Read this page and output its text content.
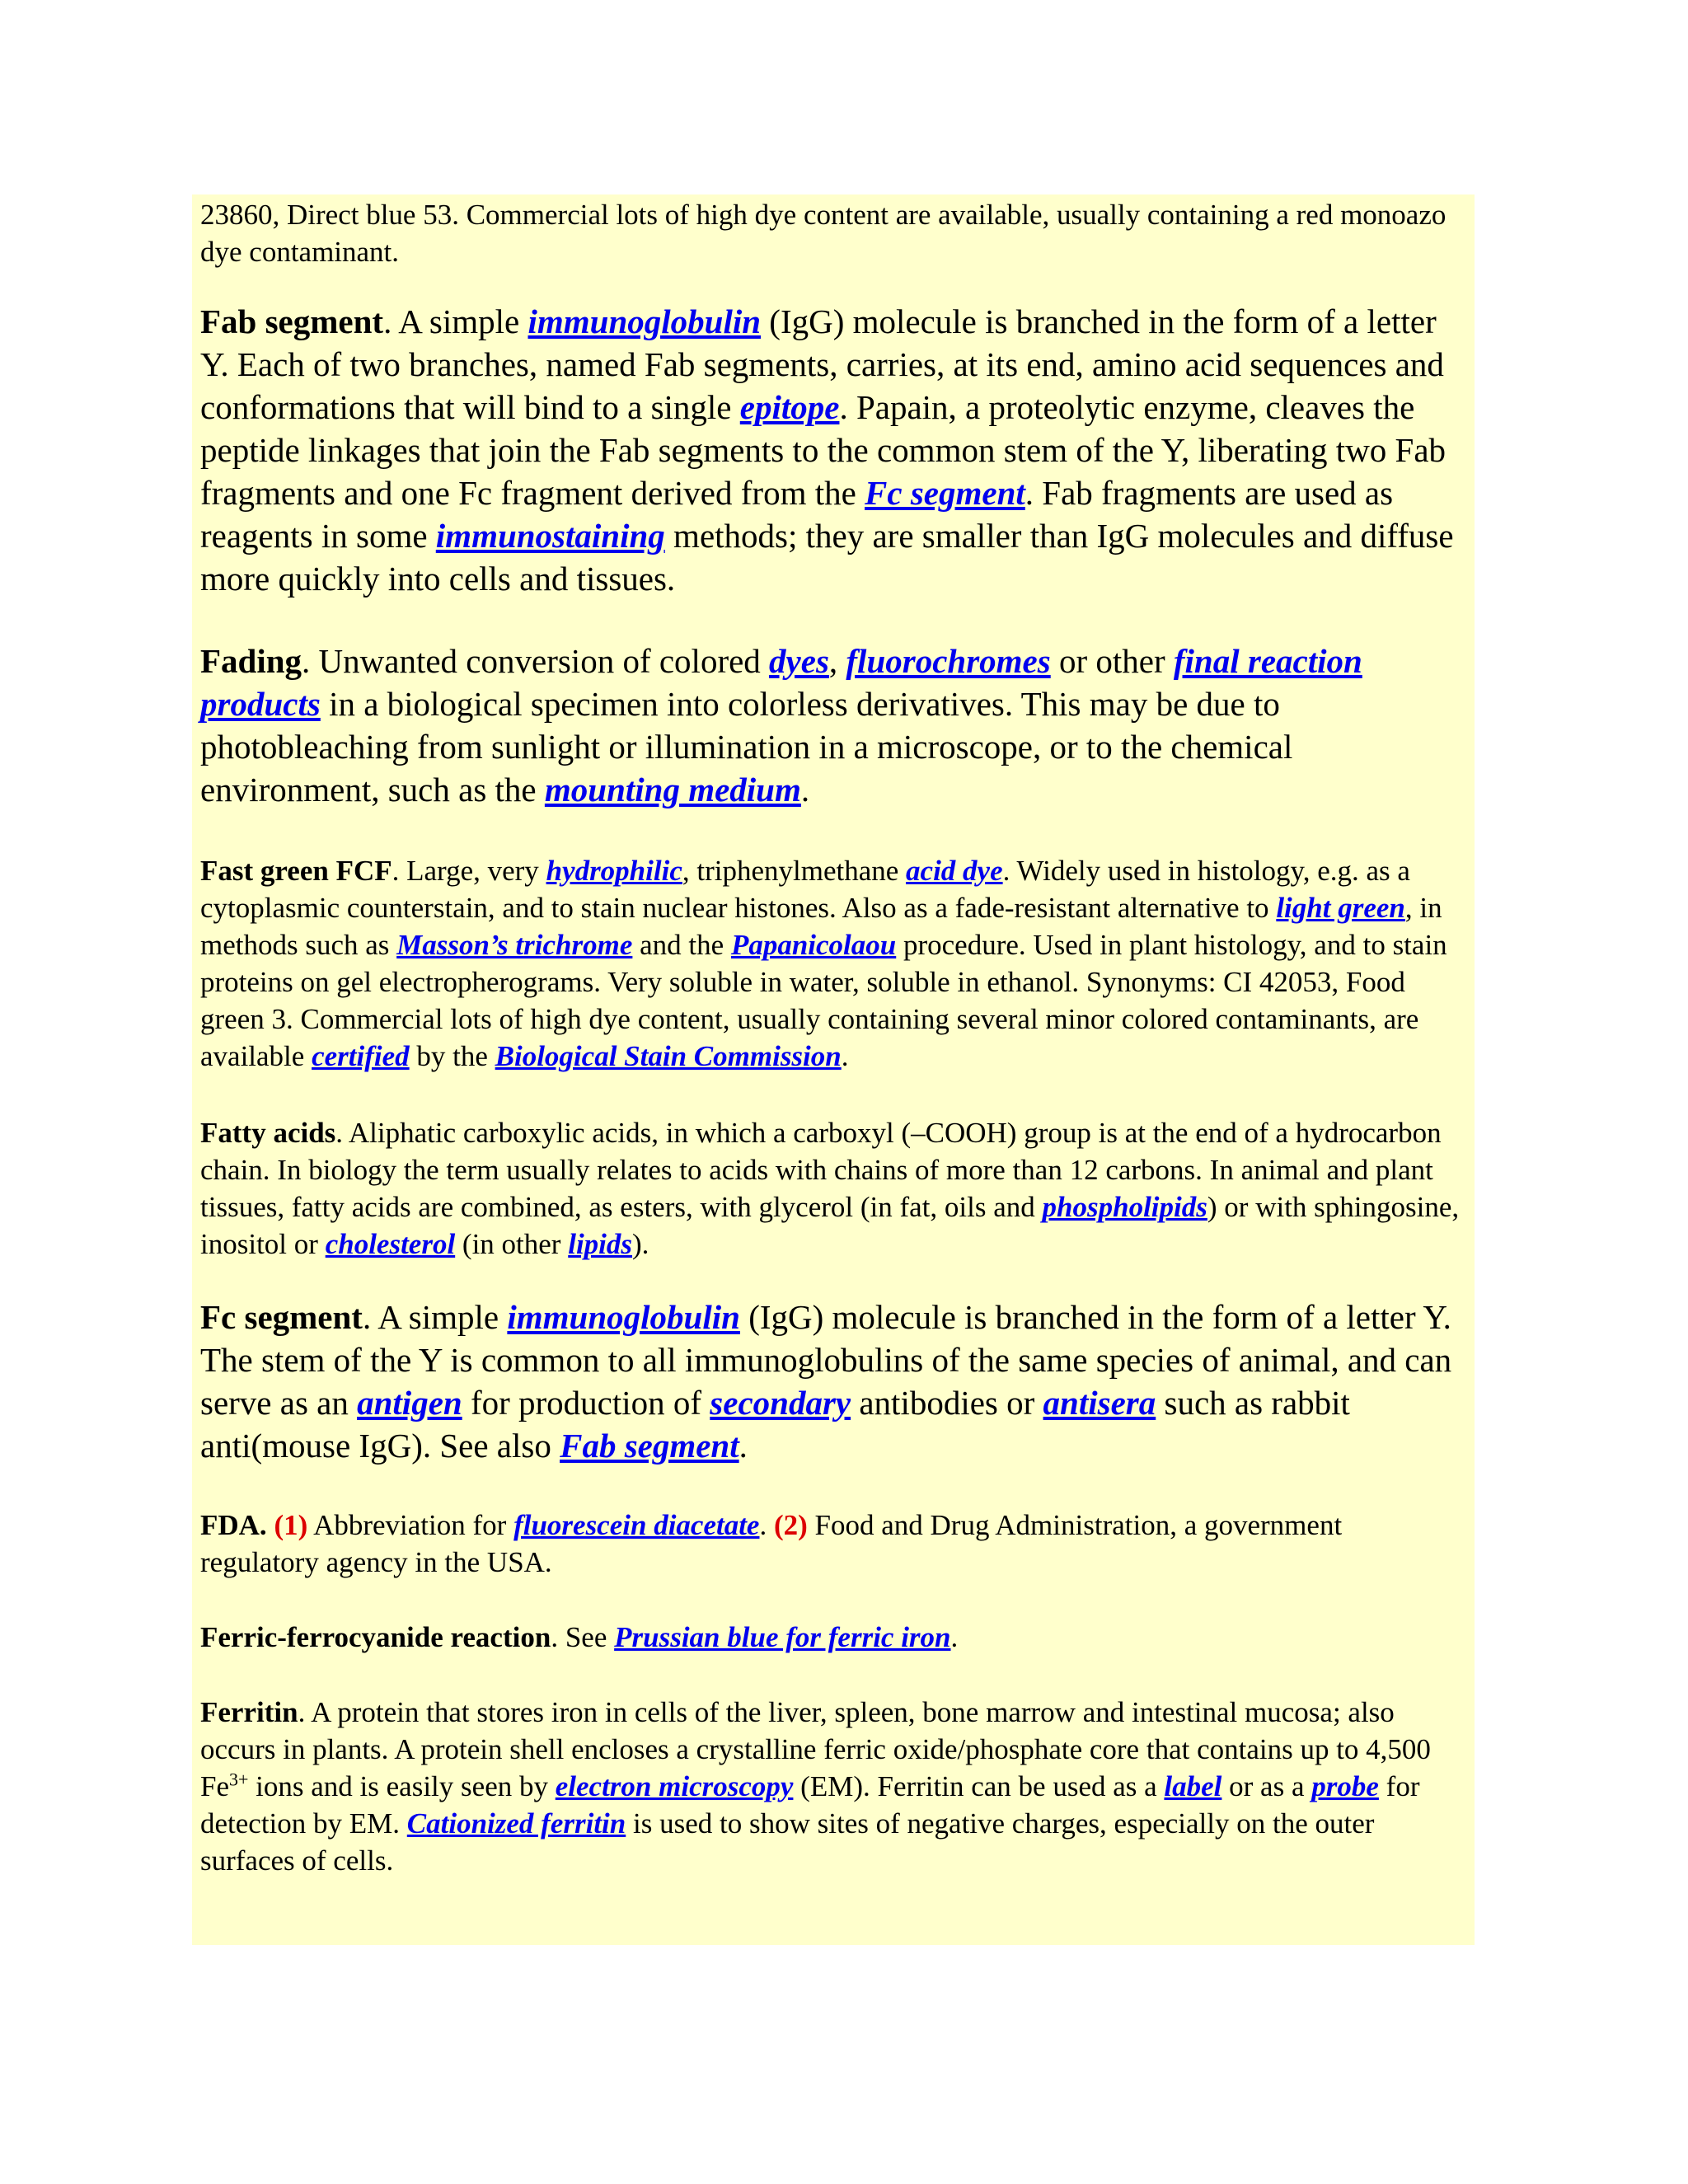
23860, Direct blue 53. Commercial lots of high dye content are available, usually containing a red monoazo dye contaminant.

Fab segment. A simple immunoglobulin (IgG) molecule is branched in the form of a letter Y. Each of two branches, named Fab segments, carries, at its end, amino acid sequences and conformations that will bind to a single epitope. Papain, a proteolytic enzyme, cleaves the peptide linkages that join the Fab segments to the common stem of the Y, liberating two Fab fragments and one Fc fragment derived from the Fc segment. Fab fragments are used as reagents in some immunostaining methods; they are smaller than IgG molecules and diffuse more quickly into cells and tissues.

Fading. Unwanted conversion of colored dyes, fluorochromes or other final reaction products in a biological specimen into colorless derivatives. This may be due to photobleaching from sunlight or illumination in a microscope, or to the chemical environment, such as the mounting medium.

Fast green FCF. Large, very hydrophilic, triphenylmethane acid dye. Widely used in histology, e.g. as a cytoplasmic counterstain, and to stain nuclear histones. Also as a fade-resistant alternative to light green, in methods such as Masson’s trichrome and the Papanicolaou procedure. Used in plant histology, and to stain proteins on gel electropherograms. Very soluble in water, soluble in ethanol. Synonyms: CI 42053, Food green 3. Commercial lots of high dye content, usually containing several minor colored contaminants, are available certified by the Biological Stain Commission.

Fatty acids. Aliphatic carboxylic acids, in which a carboxyl (–COOH) group is at the end of a hydrocarbon chain. In biology the term usually relates to acids with chains of more than 12 carbons. In animal and plant tissues, fatty acids are combined, as esters, with glycerol (in fat, oils and phospholipids) or with sphingosine, inositol or cholesterol (in other lipids).

Fc segment. A simple immunoglobulin (IgG) molecule is branched in the form of a letter Y. The stem of the Y is common to all immunoglobulins of the same species of animal, and can serve as an antigen for production of secondary antibodies or antisera such as rabbit anti(mouse IgG). See also Fab segment.

FDA. (1) Abbreviation for fluorescein diacetate. (2) Food and Drug Administration, a government regulatory agency in the USA.

Ferric-ferrocyanide reaction. See Prussian blue for ferric iron.

Ferritin. A protein that stores iron in cells of the liver, spleen, bone marrow and intestinal mucosa; also occurs in plants. A protein shell encloses a crystalline ferric oxide/phosphate core that contains up to 4,500 $Fe^{3+}$ ions and is easily seen by electron microscopy (EM). Ferritin can be used as a label or as a probe for detection by EM. Cationized ferritin is used to show sites of negative charges, especially on the outer surfaces of cells.
